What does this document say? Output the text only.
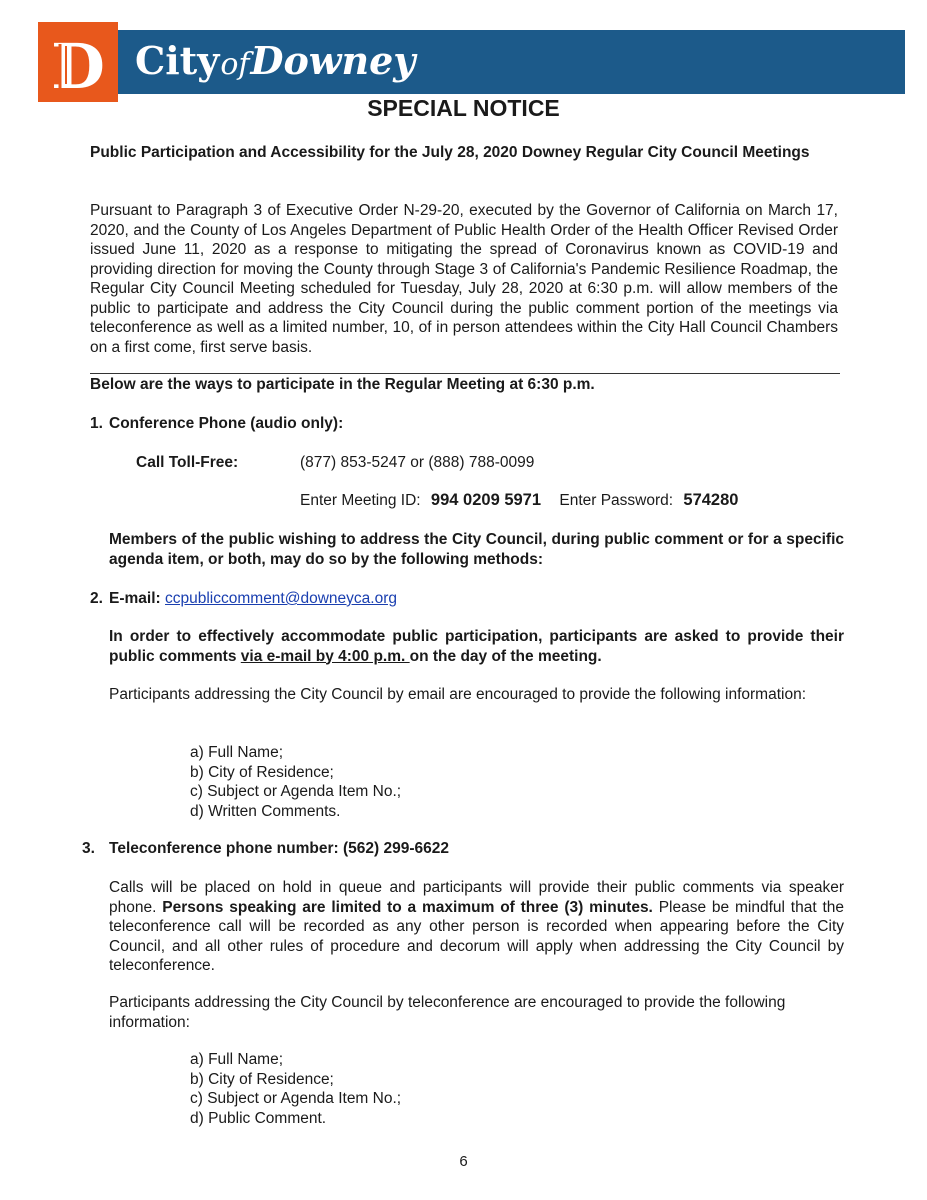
D CityofDowney
SPECIAL NOTICE
Public Participation and Accessibility for the July 28, 2020 Downey Regular City Council Meetings
Pursuant to Paragraph 3 of Executive Order N-29-20, executed by the Governor of California on March 17, 2020, and the County of Los Angeles Department of Public Health Order of the Health Officer Revised Order issued June 11, 2020 as a response to mitigating the spread of Coronavirus known as COVID-19 and providing direction for moving the County through Stage 3 of California's Pandemic Resilience Roadmap, the Regular City Council Meeting scheduled for Tuesday, July 28, 2020 at 6:30 p.m. will allow members of the public to participate and address the City Council during the public comment portion of the meetings via teleconference as well as a limited number, 10, of in person attendees within the City Hall Council Chambers on a first come, first serve basis.
Below are the ways to participate in the Regular Meeting at 6:30 p.m.
1. Conference Phone (audio only):
Call Toll-Free:	(877) 853-5247 or (888) 788-0099
Enter Meeting ID: 994 0209 5971 Enter Password: 574280
Members of the public wishing to address the City Council, during public comment or for a specific agenda item, or both, may do so by the following methods:
2. E-mail: ccpubliccomment@downeyca.org
In order to effectively accommodate public participation, participants are asked to provide their public comments via e-mail by 4:00 p.m. on the day of the meeting.
Participants addressing the City Council by email are encouraged to provide the following information:
a) Full Name;
b) City of Residence;
c) Subject or Agenda Item No.;
d) Written Comments.
3. Teleconference phone number: (562) 299-6622
Calls will be placed on hold in queue and participants will provide their public comments via speaker phone. Persons speaking are limited to a maximum of three (3) minutes. Please be mindful that the teleconference call will be recorded as any other person is recorded when appearing before the City Council, and all other rules of procedure and decorum will apply when addressing the City Council by teleconference.
Participants addressing the City Council by teleconference are encouraged to provide the following information:
a) Full Name;
b) City of Residence;
c) Subject or Agenda Item No.;
d) Public Comment.
6
